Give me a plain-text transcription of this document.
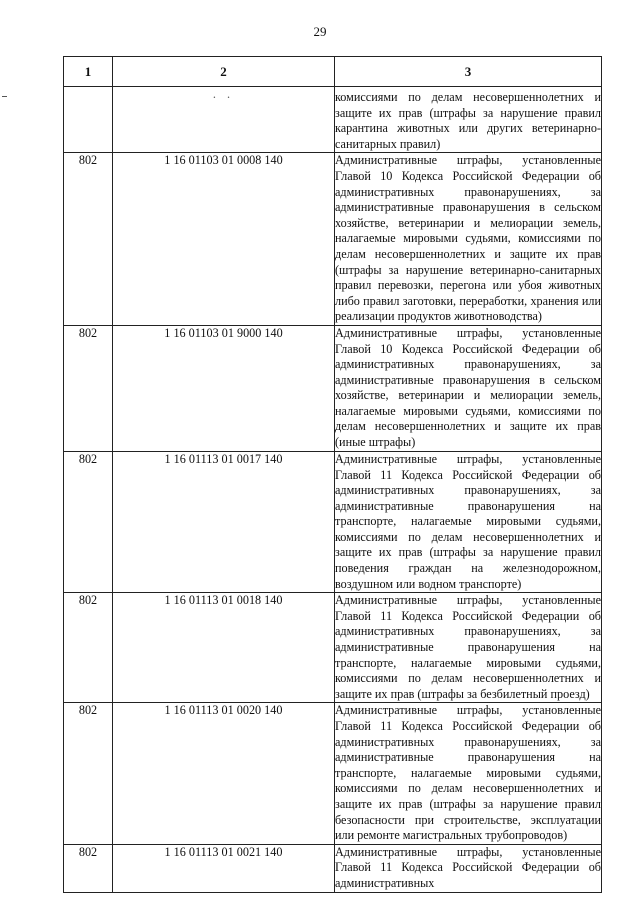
29
1	2	3
	. .	комиссиями по делам несовершеннолетних и защите их прав (штрафы за нарушение правил карантина животных или других ветеринарно-санитарных правил)
802	1 16 01103 01 0008 140	Административные штрафы, установленные Главой 10 Кодекса Российской Федерации об административных правонарушениях, за административные правонарушения в сельском хозяйстве, ветеринарии и мелиорации земель, налагаемые мировыми судьями, комиссиями по делам несовершеннолетних и защите их прав (штрафы за нарушение ветеринарно-санитарных правил перевозки, перегона или убоя животных либо правил заготовки, переработки, хранения или реализации продуктов животноводства)
802	1 16 01103 01 9000 140	Административные штрафы, установленные Главой 10 Кодекса Российской Федерации об административных правонарушениях, за административные правонарушения в сельском хозяйстве, ветеринарии и мелиорации земель, налагаемые мировыми судьями, комиссиями по делам несовершеннолетних и защите их прав (иные штрафы)
802	1 16 01113 01 0017 140	Административные штрафы, установленные Главой 11 Кодекса Российской Федерации об административных правонарушениях, за административные правонарушения на транспорте, налагаемые мировыми судьями, комиссиями по делам несовершеннолетних и защите их прав (штрафы за нарушение правил поведения граждан на железнодорожном, воздушном или водном транспорте)
802	1 16 01113 01 0018 140	Административные штрафы, установленные Главой 11 Кодекса Российской Федерации об административных правонарушениях, за административные правонарушения на транспорте, налагаемые мировыми судьями, комиссиями по делам несовершеннолетних и защите их прав (штрафы за безбилетный проезд)
802	1 16 01113 01 0020 140	Административные штрафы, установленные Главой 11 Кодекса Российской Федерации об административных правонарушениях, за административные правонарушения на транспорте, налагаемые мировыми судьями, комиссиями по делам несовершеннолетних и защите их прав (штрафы за нарушение правил безопасности при строительстве, эксплуатации или ремонте магистральных трубопроводов)
802	1 16 01113 01 0021 140	Административные штрафы, установленные Главой 11 Кодекса Российской Федерации об административных
